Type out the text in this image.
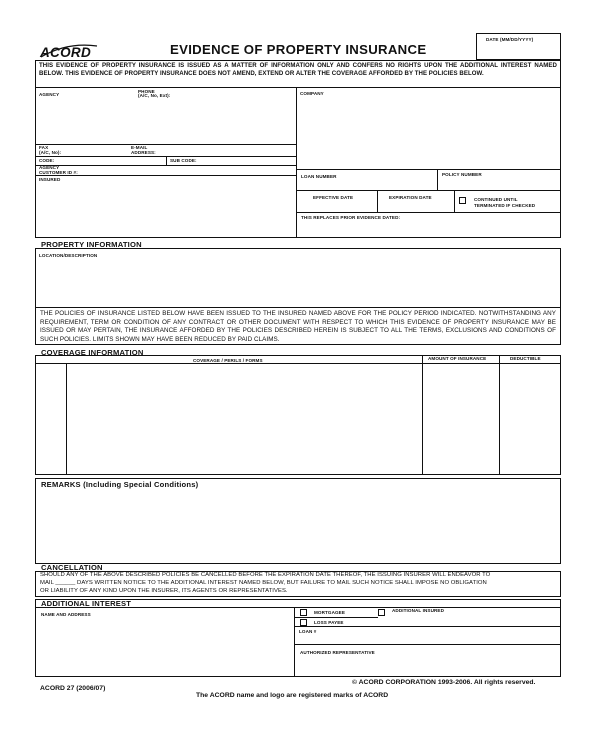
ACORD	EVIDENCE OF PROPERTY INSURANCE
DATE (MM/DD/YYYY)
THIS EVIDENCE OF PROPERTY INSURANCE IS ISSUED AS A MATTER OF INFORMATION ONLY AND CONFERS NO RIGHTS UPON THE ADDITIONAL INTEREST NAMED BELOW. THIS EVIDENCE OF PROPERTY INSURANCE DOES NOT AMEND, EXTEND OR ALTER THE COVERAGE AFFORDED BY THE POLICIES BELOW.
AGENCY
PHONE
(A/C, No, Ext):
FAX
(A/C, No):
E-MAIL
ADDRESS:
CODE:	SUB CODE:
AGENCY
CUSTOMER ID #:
INSURED
COMPANY
LOAN NUMBER	POLICY NUMBER
EFFECTIVE DATE	EXPIRATION DATE	CONTINUED UNTIL
TERMINATED IF CHECKED
THIS REPLACES PRIOR EVIDENCE DATED:
PROPERTY INFORMATION
LOCATION/DESCRIPTION
THE POLICIES OF INSURANCE LISTED BELOW HAVE BEEN ISSUED TO THE INSURED NAMED ABOVE FOR THE POLICY PERIOD INDICATED. NOTWITHSTANDING ANY REQUIREMENT, TERM OR CONDITION OF ANY CONTRACT OR OTHER DOCUMENT WITH RESPECT TO WHICH THIS EVIDENCE OF PROPERTY INSURANCE MAY BE ISSUED OR MAY PERTAIN, THE INSURANCE AFFORDED BY THE POLICIES DESCRIBED HEREIN IS SUBJECT TO ALL THE TERMS, EXCLUSIONS AND CONDITIONS OF SUCH POLICIES. LIMITS SHOWN MAY HAVE BEEN REDUCED BY PAID CLAIMS.
COVERAGE INFORMATION
COVERAGE / PERILS / FORMS	AMOUNT OF INSURANCE	DEDUCTIBLE
REMARKS (Including Special Conditions)
CANCELLATION
SHOULD ANY OF THE ABOVE DESCRIBED POLICIES BE CANCELLED BEFORE THE EXPIRATION DATE THEREOF, THE ISSUING INSURER WILL ENDEAVOR TO
MAIL ______ DAYS WRITTEN NOTICE TO THE ADDITIONAL INTEREST NAMED BELOW, BUT FAILURE TO MAIL SUCH NOTICE SHALL IMPOSE NO OBLIGATION
OR LIABILITY OF ANY KIND UPON THE INSURER, ITS AGENTS OR REPRESENTATIVES.
ADDITIONAL INTEREST
NAME AND ADDRESS	MORTGAGEE	ADDITIONAL INSURED
LOSS PAYEE
LOAN #
AUTHORIZED REPRESENTATIVE
ACORD 27 (2006/07)
© ACORD CORPORATION 1993-2006. All rights reserved.
The ACORD name and logo are registered marks of ACORD
